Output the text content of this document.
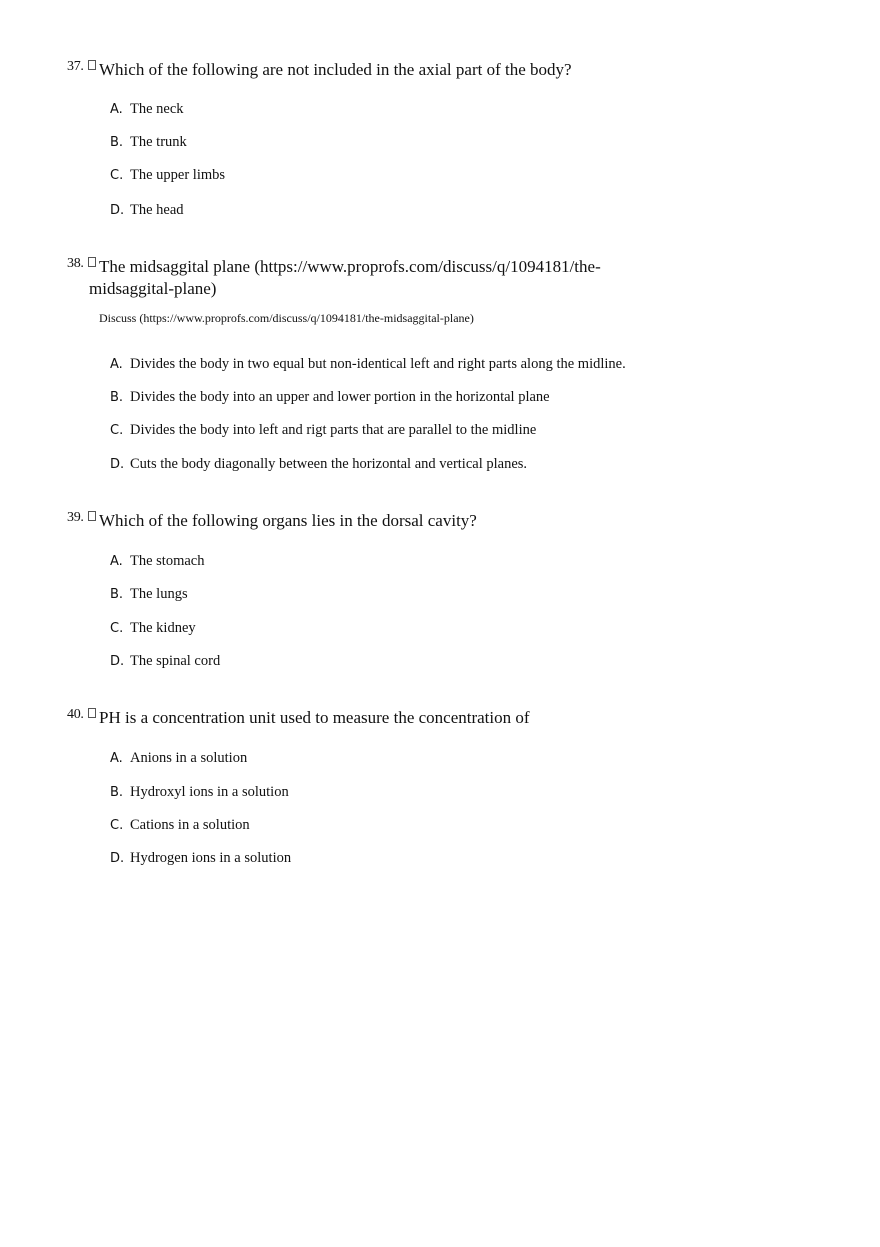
37. Which of the following are not included in the axial part of the body?
A. The neck
B. The trunk
C. The upper limbs
D. The head
38. The midsaggital plane (https://www.proprofs.com/discuss/q/1094181/the-
midsaggital-plane)
Discuss (https://www.proprofs.com/discuss/q/1094181/the-midsaggital-plane)
A. Divides the body in two equal but non-identical left and right parts along the midline.
B. Divides the body into an upper and lower portion in the horizontal plane
C. Divides the body into left and rigt parts that are parallel to the midline
D. Cuts the body diagonally between the horizontal and vertical planes.
39. Which of the following organs lies in the dorsal cavity?
A. The stomach
B. The lungs
C. The kidney
D. The spinal cord
40. PH is a concentration unit used to measure the concentration of
A. Anions in a solution
B. Hydroxyl ions in a solution
C. Cations in a solution
D. Hydrogen ions in a solution
